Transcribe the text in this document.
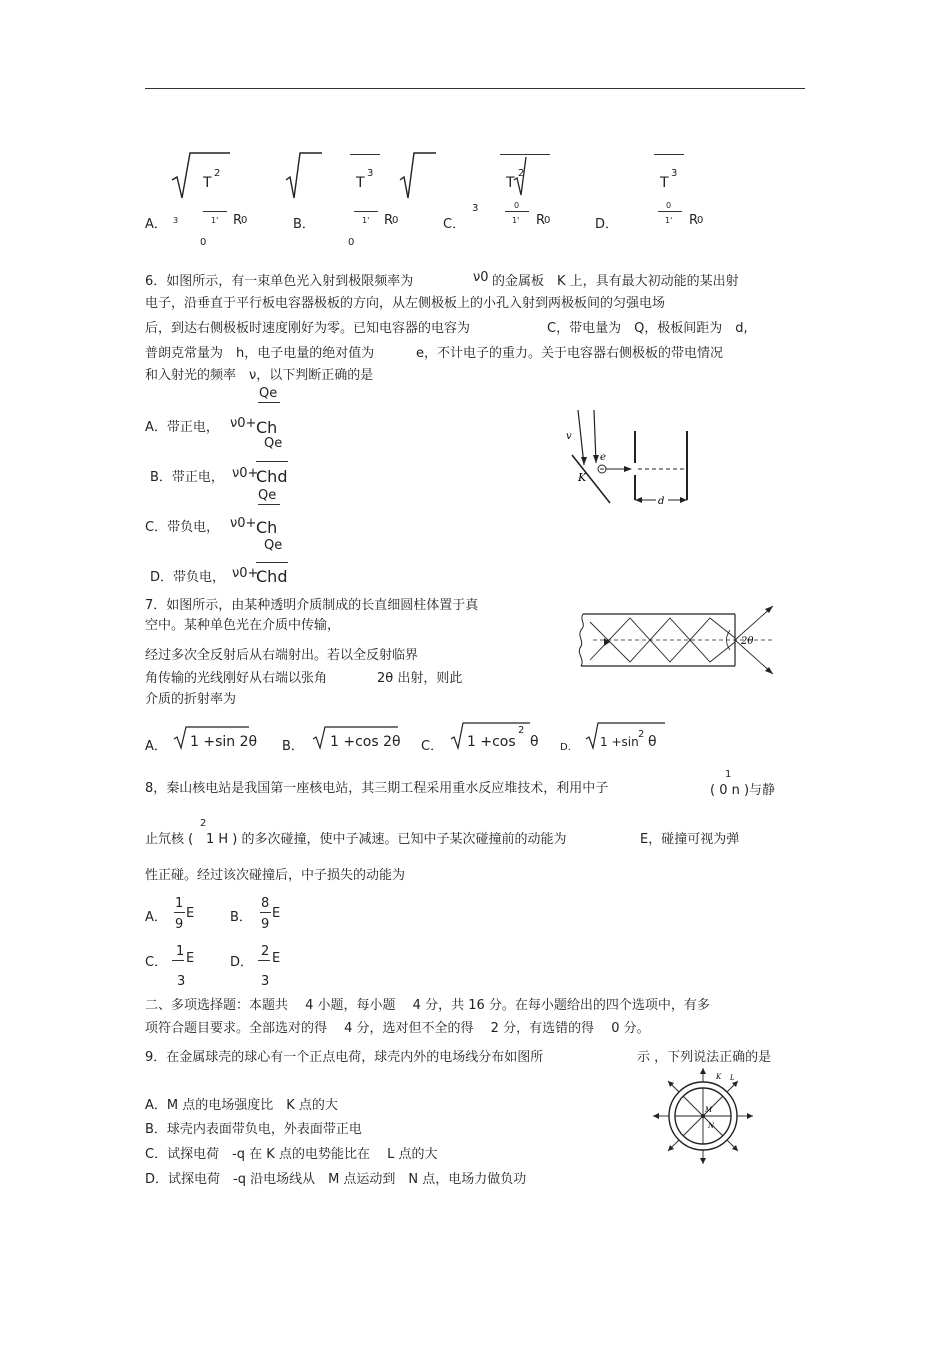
T
2
A． 3	1' R
0
0
T
3
B．	1' R
0
0
T
2
C．
3	0
1' R
0
T
3
D．
0
1' R
0
6．如图所示，有一束单色光入射到极限频率为	ν0 的金属板　K 上，具有最大初动能的某出射
电子，沿垂直于平行板电容器极板的方向，从左侧极板上的小孔入射到两极板间的匀强电场
后，到达右侧极板时速度刚好为零。已知电容器的电容为	C，带电量为　Q，极板间距为　d,
普朗克常量为　h，电子电量的绝对值为	e，不计电子的重力。关于电容器右侧极板的带电情况
和入射光的频率　ν，以下判断正确的是
Qe
A．带正电， ν0+ Ch
Qe
B．带正电， ν0+
Chd
Qe
C．带负电， ν0+ Ch
Qe
D．带负电， ν0+
Chd
v
e
K
d
7．如图所示，由某种透明介质制成的长直细圆柱体置于真
空中。某种单色光在介质中传输，
经过多次全反射后从右端射出。若以全反射临界
角传输的光线刚好从右端以张角	2θ 出射，则此
介质的折射率为
2θ
A． 1 +sin 2θ B． 1 +cos 2θ C． 1 +cos
2
θ D． 1 +sin
2 θ
8，秦山核电站是我国第一座核电站，其三期工程采用重水反应堆技术，利用中子
1
( 0 n )与静
止氘核 (
2
1 H ) 的多次碰撞，使中子减速。已知中子某次碰撞前的动能为	E，碰撞可视为弹
性正碰。经过该次碰撞后，中子损失的动能为
A．
1
9
E	B．
8
9
E
C．
1
3
E	D．
2
3
E
二、多项选择题：本题共　 4 小题，每小题　 4 分，共 16 分。在每小题给出的四个选项中，有多
项符合题目要求。全部选对的得　 4 分，选对但不全的得　 2 分，有选错的得　 0 分。
9．在金属球壳的球心有一个正点电荷，球壳内外的电场线分布如图所	示 ，下列说法正确的是
A．M 点的电场强度比　K 点的大
B．球壳内表面带负电，外表面带正电
C．试探电荷　-q 在 K 点的电势能比在　 L 点的大
D．试探电荷　-q 沿电场线从　M 点运动到　N 点，电场力做负功
M
N
K L
